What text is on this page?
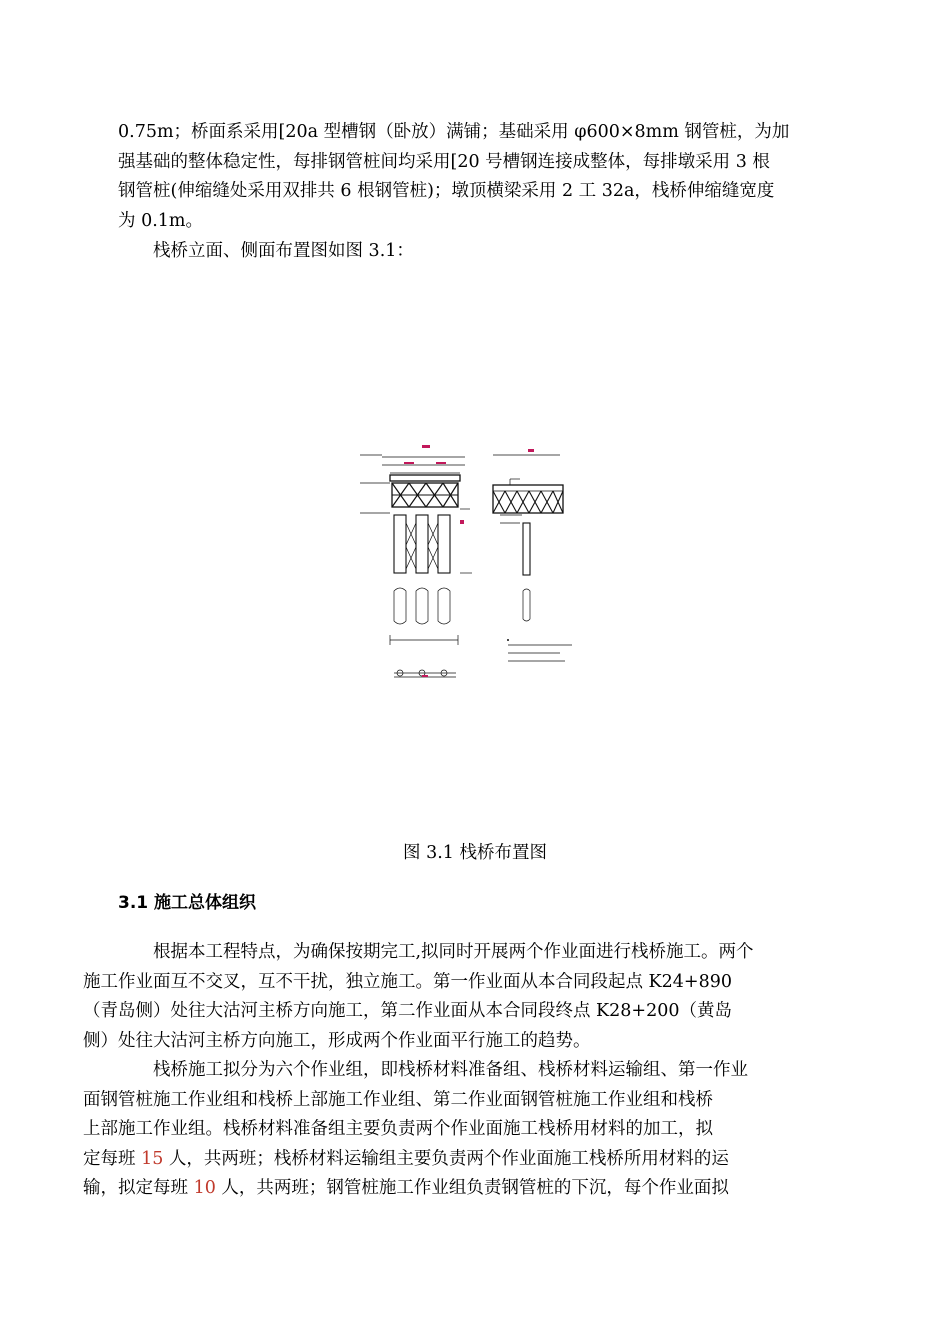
0.75m；桥面系采用[20a 型槽钢（卧放）满铺；基础采用 φ600×8mm 钢管桩，为加
强基础的整体稳定性，每排钢管桩间均采用[20 号槽钢连接成整体，每排墩采用 3 根
钢管桩(伸缩缝处采用双排共 6 根钢管桩)；墩顶横梁采用 2 工 32a，栈桥伸缩缝宽度
为 0.1m。

栈桥立面、侧面布置图如图 3.1：

图 3.1 栈桥布置图
3.1 施工总体组织

根据本工程特点，为确保按期完工,拟同时开展两个作业面进行栈桥施工。两个
施工作业面互不交叉，互不干扰，独立施工。第一作业面从本合同段起点 K24+890
（青岛侧）处往大沽河主桥方向施工，第二作业面从本合同段终点 K28+200（黄岛
侧）处往大沽河主桥方向施工，形成两个作业面平行施工的趋势。

栈桥施工拟分为六个作业组，即栈桥材料准备组、栈桥材料运输组、第一作业
面钢管桩施工作业组和栈桥上部施工作业组、第二作业面钢管桩施工作业组和栈桥
上部施工作业组。栈桥材料准备组主要负责两个作业面施工栈桥用材料的加工，拟
定每班 15 人，共两班；栈桥材料运输组主要负责两个作业面施工栈桥所用材料的运
输，拟定每班 10 人，共两班；钢管桩施工作业组负责钢管桩的下沉，每个作业面拟
